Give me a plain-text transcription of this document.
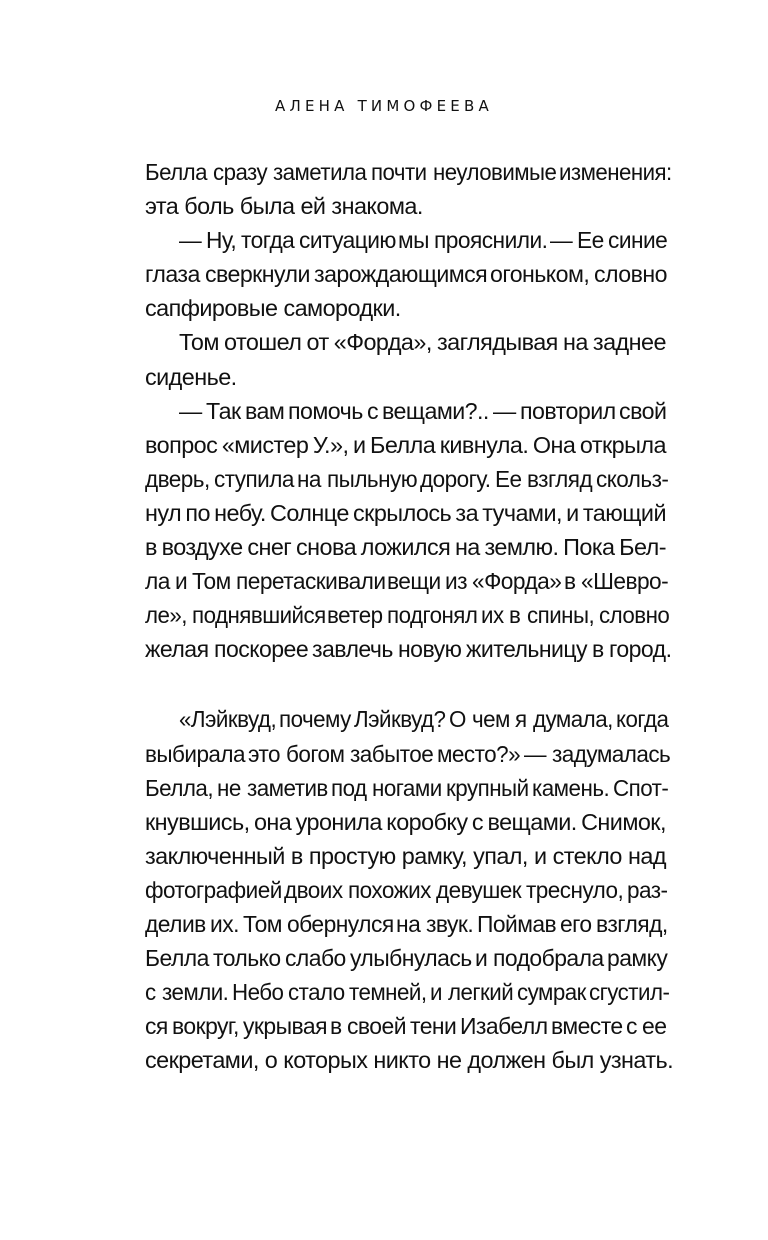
АЛЕНА ТИМОФЕЕВА
Белла сразу заметила почти неуловимые изменения:
эта боль была ей знакома.
— Ну, тогда ситуацию мы прояснили. — Ее синие
глаза сверкнули зарождающимся огоньком, словно
сапфировые самородки.
Том отошел от «Форда», заглядывая на заднее
сиденье.
— Так вам помочь с вещами?.. — повторил свой
вопрос «мистер У.», и Белла кивнула. Она открыла
дверь, ступила на пыльную дорогу. Ее взгляд скольз-
нул по небу. Солнце скрылось за тучами, и тающий
в воздухе снег снова ложился на землю. Пока Бел-
ла и Том перетаскивали вещи из «Форда» в «Шевро-
ле», поднявшийся ветер подгонял их в спины, словно
желая поскорее завлечь новую жительницу в город.
«Лэйквуд, почему Лэйквуд? О чем я думала, когда
выбирала это богом забытое место?» — задумалась
Белла, не заметив под ногами крупный камень. Спот-
кнувшись, она уронила коробку с вещами. Снимок,
заключенный в простую рамку, упал, и стекло над
фотографией двоих похожих девушек треснуло, раз-
делив их. Том обернулся на звук. Поймав его взгляд,
Белла только слабо улыбнулась и подобрала рамку
с земли. Небо стало темней, и легкий сумрак сгустил-
ся вокруг, укрывая в своей тени Изабелл вместе с ее
секретами, о которых никто не должен был узнать.
